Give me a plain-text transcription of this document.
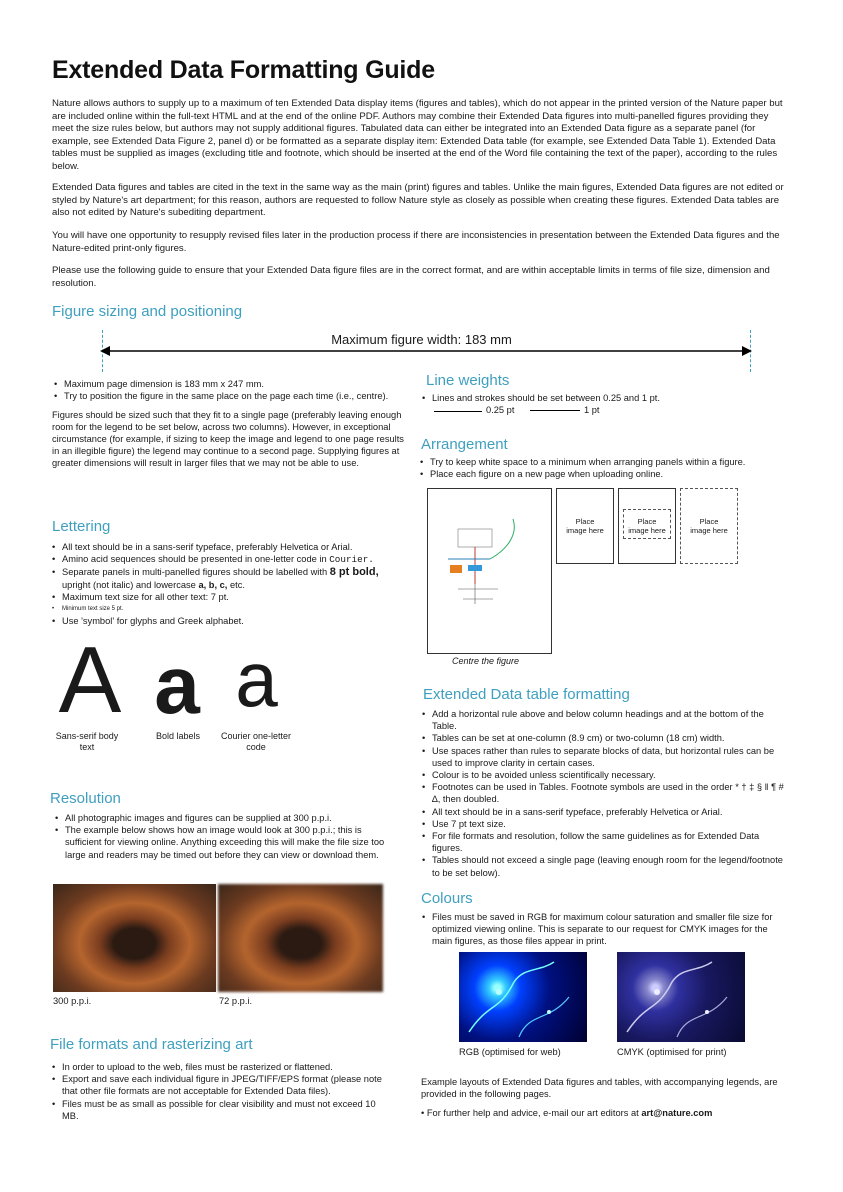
Extended Data Formatting Guide

Nature allows authors to supply up to a maximum of ten Extended Data display items (figures and tables), which do not appear in the printed version of the Nature paper but are included online within the full-text HTML and at the end of the online PDF. Authors may combine their Extended Data figures into multi-panelled figures providing they meet the size rules below, but authors may not supply additional figures. Tabulated data can either be integrated into an Extended Data figure as a separate panel (for example, see Extended Data Figure 2, panel d) or be formatted as a separate display item: Extended Data table (for example, see Extended Data Table 1). Extended Data tables must be supplied as images (excluding title and footnote, which should be inserted at the end of the Word file containing the text of the paper), according to the rules below.

Extended Data figures and tables are cited in the text in the same way as the main (print) figures and tables. Unlike the main figures, Extended Data figures are not edited or styled by Nature's art department; for this reason, authors are requested to follow Nature style as closely as possible when creating these figures. Extended Data tables are also not edited by Nature's subediting department.

You will have one opportunity to resupply revised files later in the production process if there are inconsistencies in presentation between the Extended Data figures and the Nature-edited print-only figures.

Please use the following guide to ensure that your Extended Data figure files are in the correct format, and are within acceptable limits in terms of file size, dimension and resolution.

Figure sizing and positioning
Maximum figure width: 183 mm
• Maximum page dimension is 183 mm x 247 mm.
• Try to position the figure in the same place on the page each time (i.e., centre).

Figures should be sized such that they fit to a single page (preferably leaving enough room for the legend to be set below, across two columns). However, in exceptional circumstance (for example, if sizing to keep the image and legend to one page results in an illegible figure) the legend may continue to a second page. Supplying figures at greater dimensions will result in larger files that we may not be able to use.

Line weights
• Lines and strokes should be set between 0.25 and 1 pt.
0.25 pt	1 pt
Arrangement
• Try to keep white space to a minimum when arranging panels within a figure.
• Place each figure on a new page when uploading online.
Place
image here
Place
image here
Place
image here
Centre the figure
Lettering
• All text should be in a sans-serif typeface, preferably Helvetica or Arial.
• Amino acid sequences should be presented in one-letter code in Courier.
• Separate panels in multi-panelled figures should be labelled with 8 pt bold,
upright (not italic) and lowercase a, b, c, etc.
• Maximum text size for all other text: 7 pt.
• Minimum text size 5 pt.
• Use 'symbol' for glyphs and Greek alphabet.
A a a
Sans-serif body text
Bold labels	Courier one-letter code
Resolution
• All photographic images and figures can be supplied at 300 p.p.i.
• The example below shows how an image would look at 300 p.p.i.; this is sufficient for viewing online. Anything exceeding this will make the file size too large and readers may be timed out before they can view or download them.
300 p.p.i.	72 p.p.i.
File formats and rasterizing art
• In order to upload to the web, files must be rasterized or flattened.
• Export and save each individual figure in JPEG/TIFF/EPS format (please note that other file formats are not acceptable for Extended Data files).
• Files must be as small as possible for clear visibility and must not exceed 10 MB.
Extended Data table formatting
• Add a horizontal rule above and below column headings and at the bottom of the Table.
• Tables can be set at one-column (8.9 cm) or two-column (18 cm) width.
• Use spaces rather than rules to separate blocks of data, but horizontal rules can be used to improve clarity in certain cases.
• Colour is to be avoided unless scientifically necessary.
• Footnotes can be used in Tables. Footnote symbols are used in the order * † ‡ § ‖ ¶ # ∆, then doubled.
• All text should be in a sans-serif typeface, preferably Helvetica or Arial.
• Use 7 pt text size.
• For file formats and resolution, follow the same guidelines as for Extended Data figures.
• Tables should not exceed a single page (leaving enough room for the legend/footnote to be set below).
Colours
• Files must be saved in RGB for maximum colour saturation and smaller file size for optimized viewing online. This is separate to our request for CMYK images for the main figures, as those files appear in print.
RGB (optimised for web)	CMYK (optimised for print)

Example layouts of Extended Data figures and tables, with accompanying legends, are provided in the following pages.

• For further help and advice, e-mail our art editors at art@nature.com
